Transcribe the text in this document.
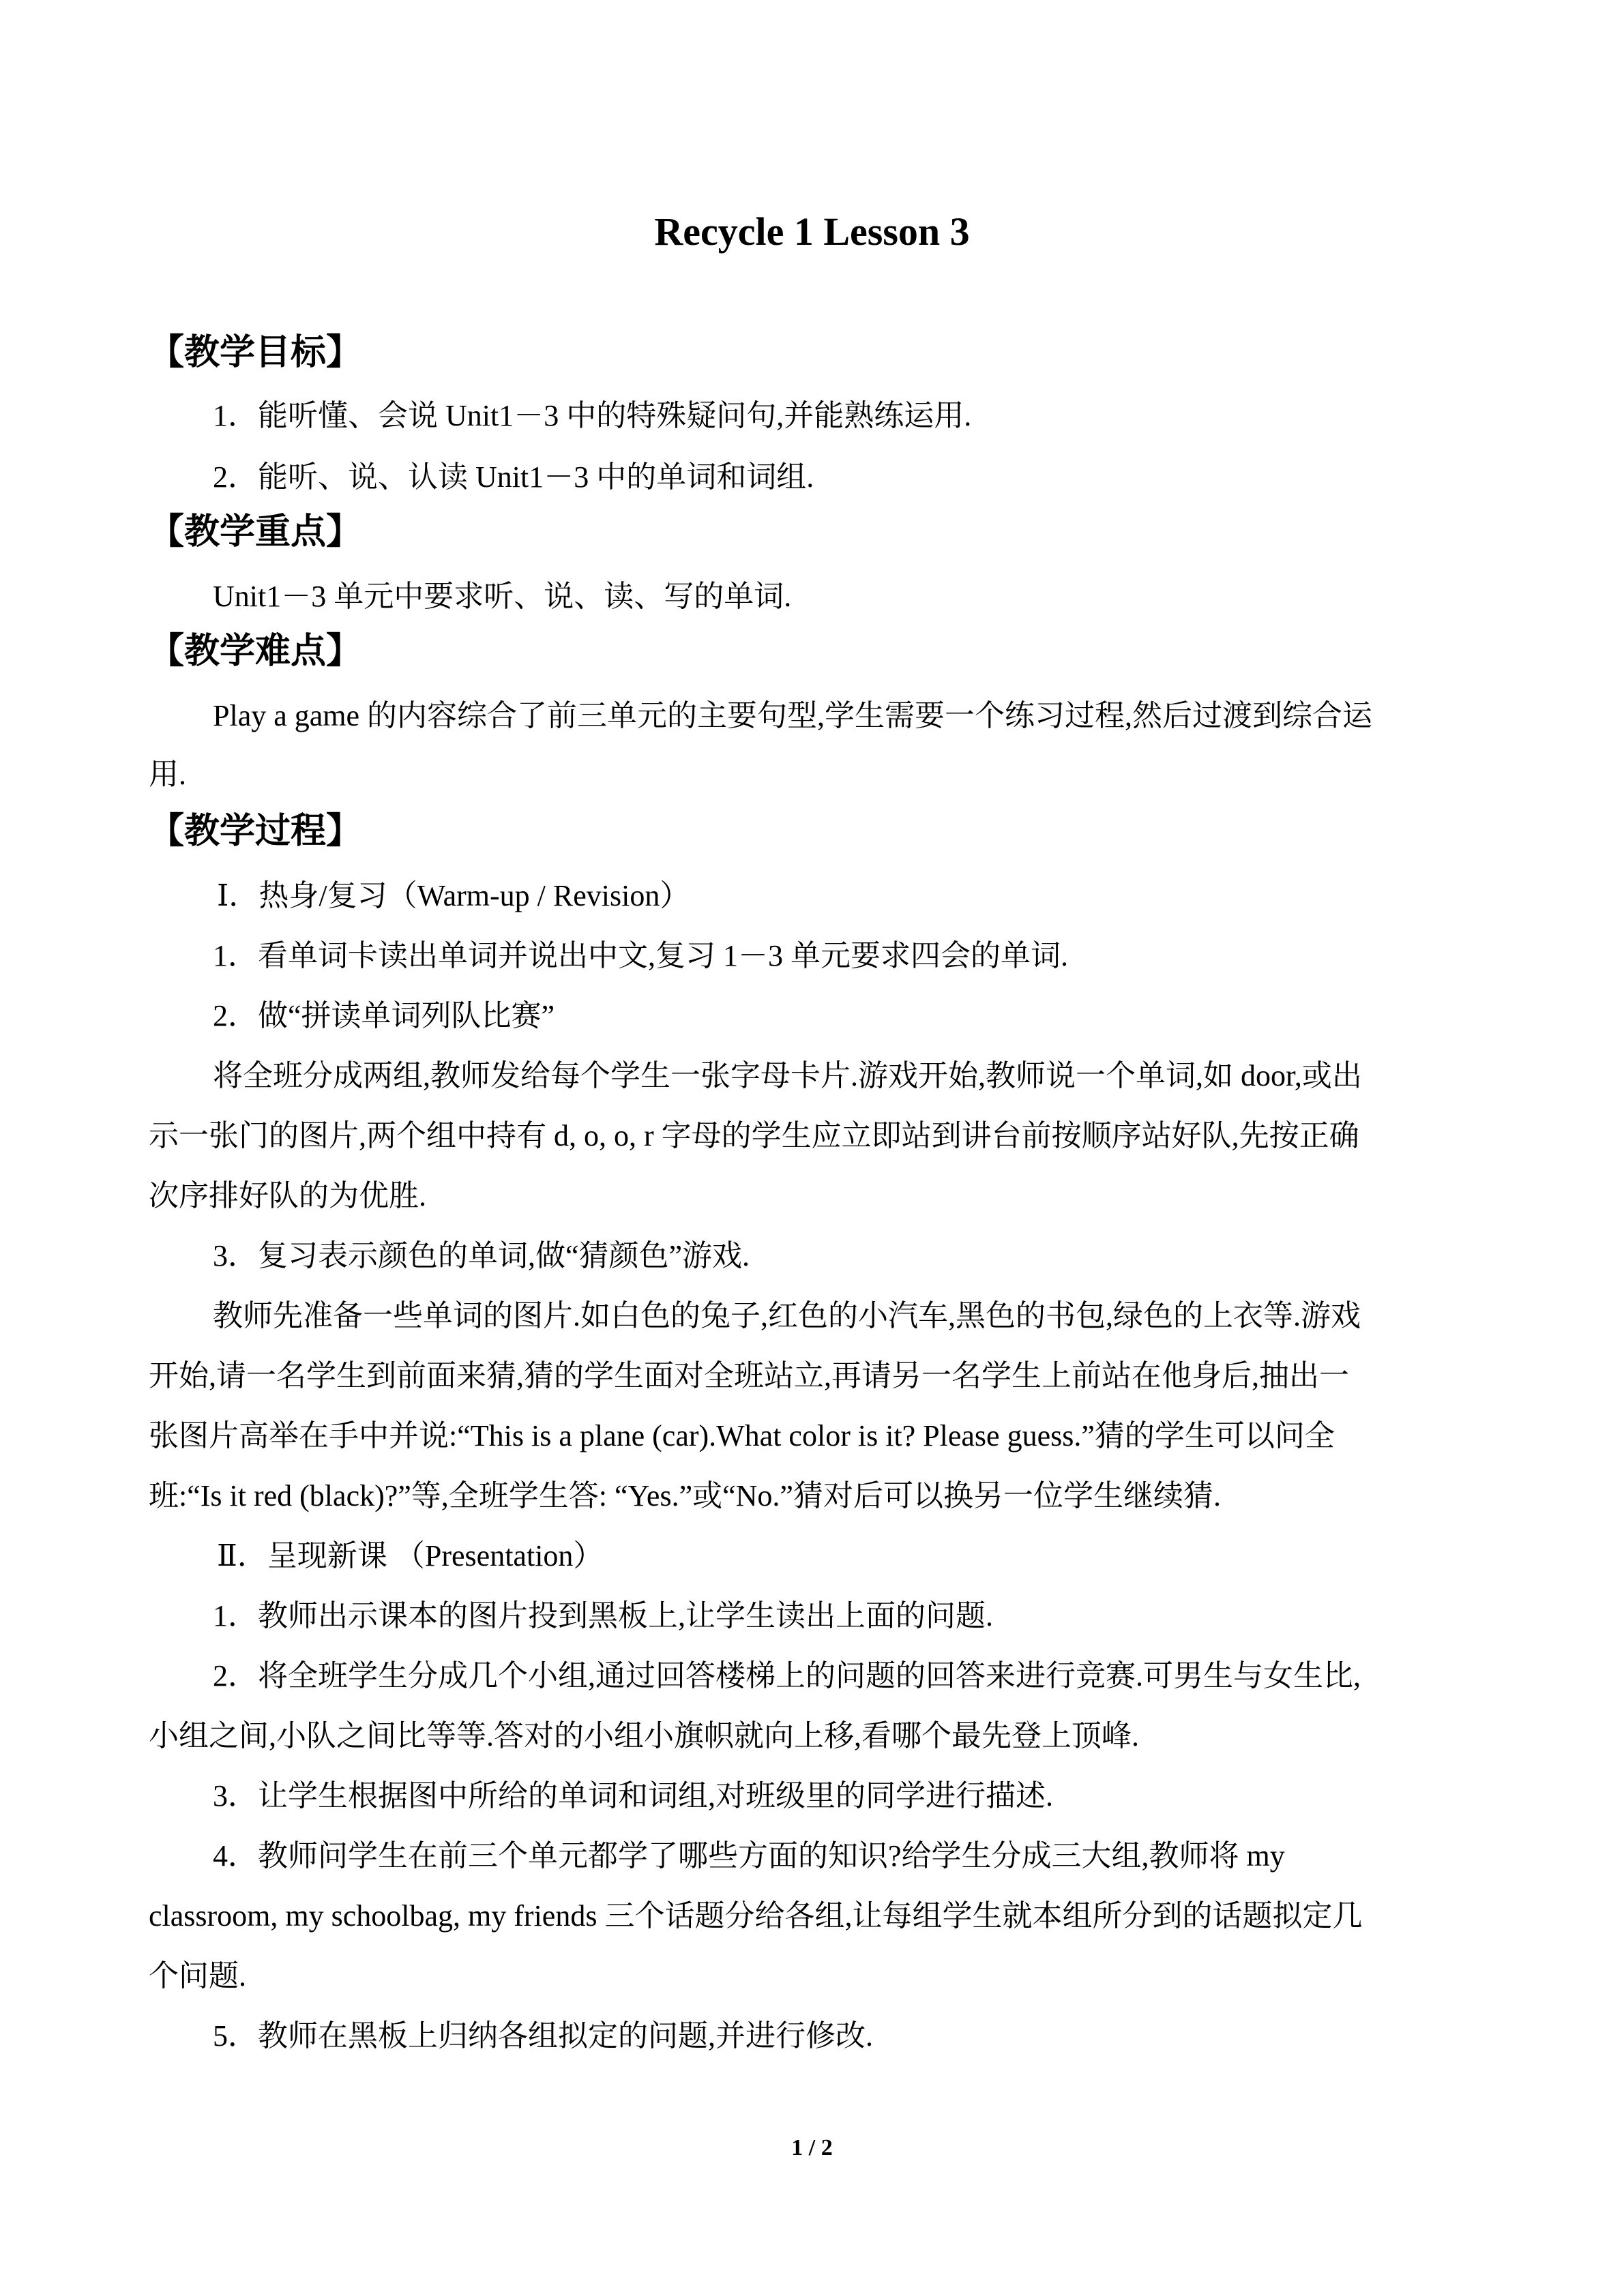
Recycle 1 Lesson 3
【教学目标】
1．能听懂、会说 Unit1－3 中的特殊疑问句,并能熟练运用.
2．能听、说、认读 Unit1－3 中的单词和词组.
【教学重点】
Unit1－3 单元中要求听、说、读、写的单词.
【教学难点】
Play a game 的内容综合了前三单元的主要句型,学生需要一个练习过程,然后过渡到综合运
用.
【教学过程】
Ⅰ．热身/复习（Warm-up / Revision）
1．看单词卡读出单词并说出中文,复习 1－3 单元要求四会的单词.
2．做“拼读单词列队比赛”
将全班分成两组,教师发给每个学生一张字母卡片.游戏开始,教师说一个单词,如 door,或出
示一张门的图片,两个组中持有 d, o, o, r 字母的学生应立即站到讲台前按顺序站好队,先按正确
次序排好队的为优胜.
3．复习表示颜色的单词,做“猜颜色”游戏.
教师先准备一些单词的图片.如白色的兔子,红色的小汽车,黑色的书包,绿色的上衣等.游戏
开始,请一名学生到前面来猜,猜的学生面对全班站立,再请另一名学生上前站在他身后,抽出一
张图片高举在手中并说:“This is a plane (car).What color is it? Please guess.”猜的学生可以问全
班:“Is it red (black)?”等,全班学生答: “Yes.”或“No.”猜对后可以换另一位学生继续猜.
Ⅱ．呈现新课 （Presentation）
1．教师出示课本的图片投到黑板上,让学生读出上面的问题.
2．将全班学生分成几个小组,通过回答楼梯上的问题的回答来进行竞赛.可男生与女生比,
小组之间,小队之间比等等.答对的小组小旗帜就向上移,看哪个最先登上顶峰.
3．让学生根据图中所给的单词和词组,对班级里的同学进行描述.
4．教师问学生在前三个单元都学了哪些方面的知识?给学生分成三大组,教师将 my
classroom, my schoolbag, my friends 三个话题分给各组,让每组学生就本组所分到的话题拟定几
个问题.
5．教师在黑板上归纳各组拟定的问题,并进行修改.
1 / 2
